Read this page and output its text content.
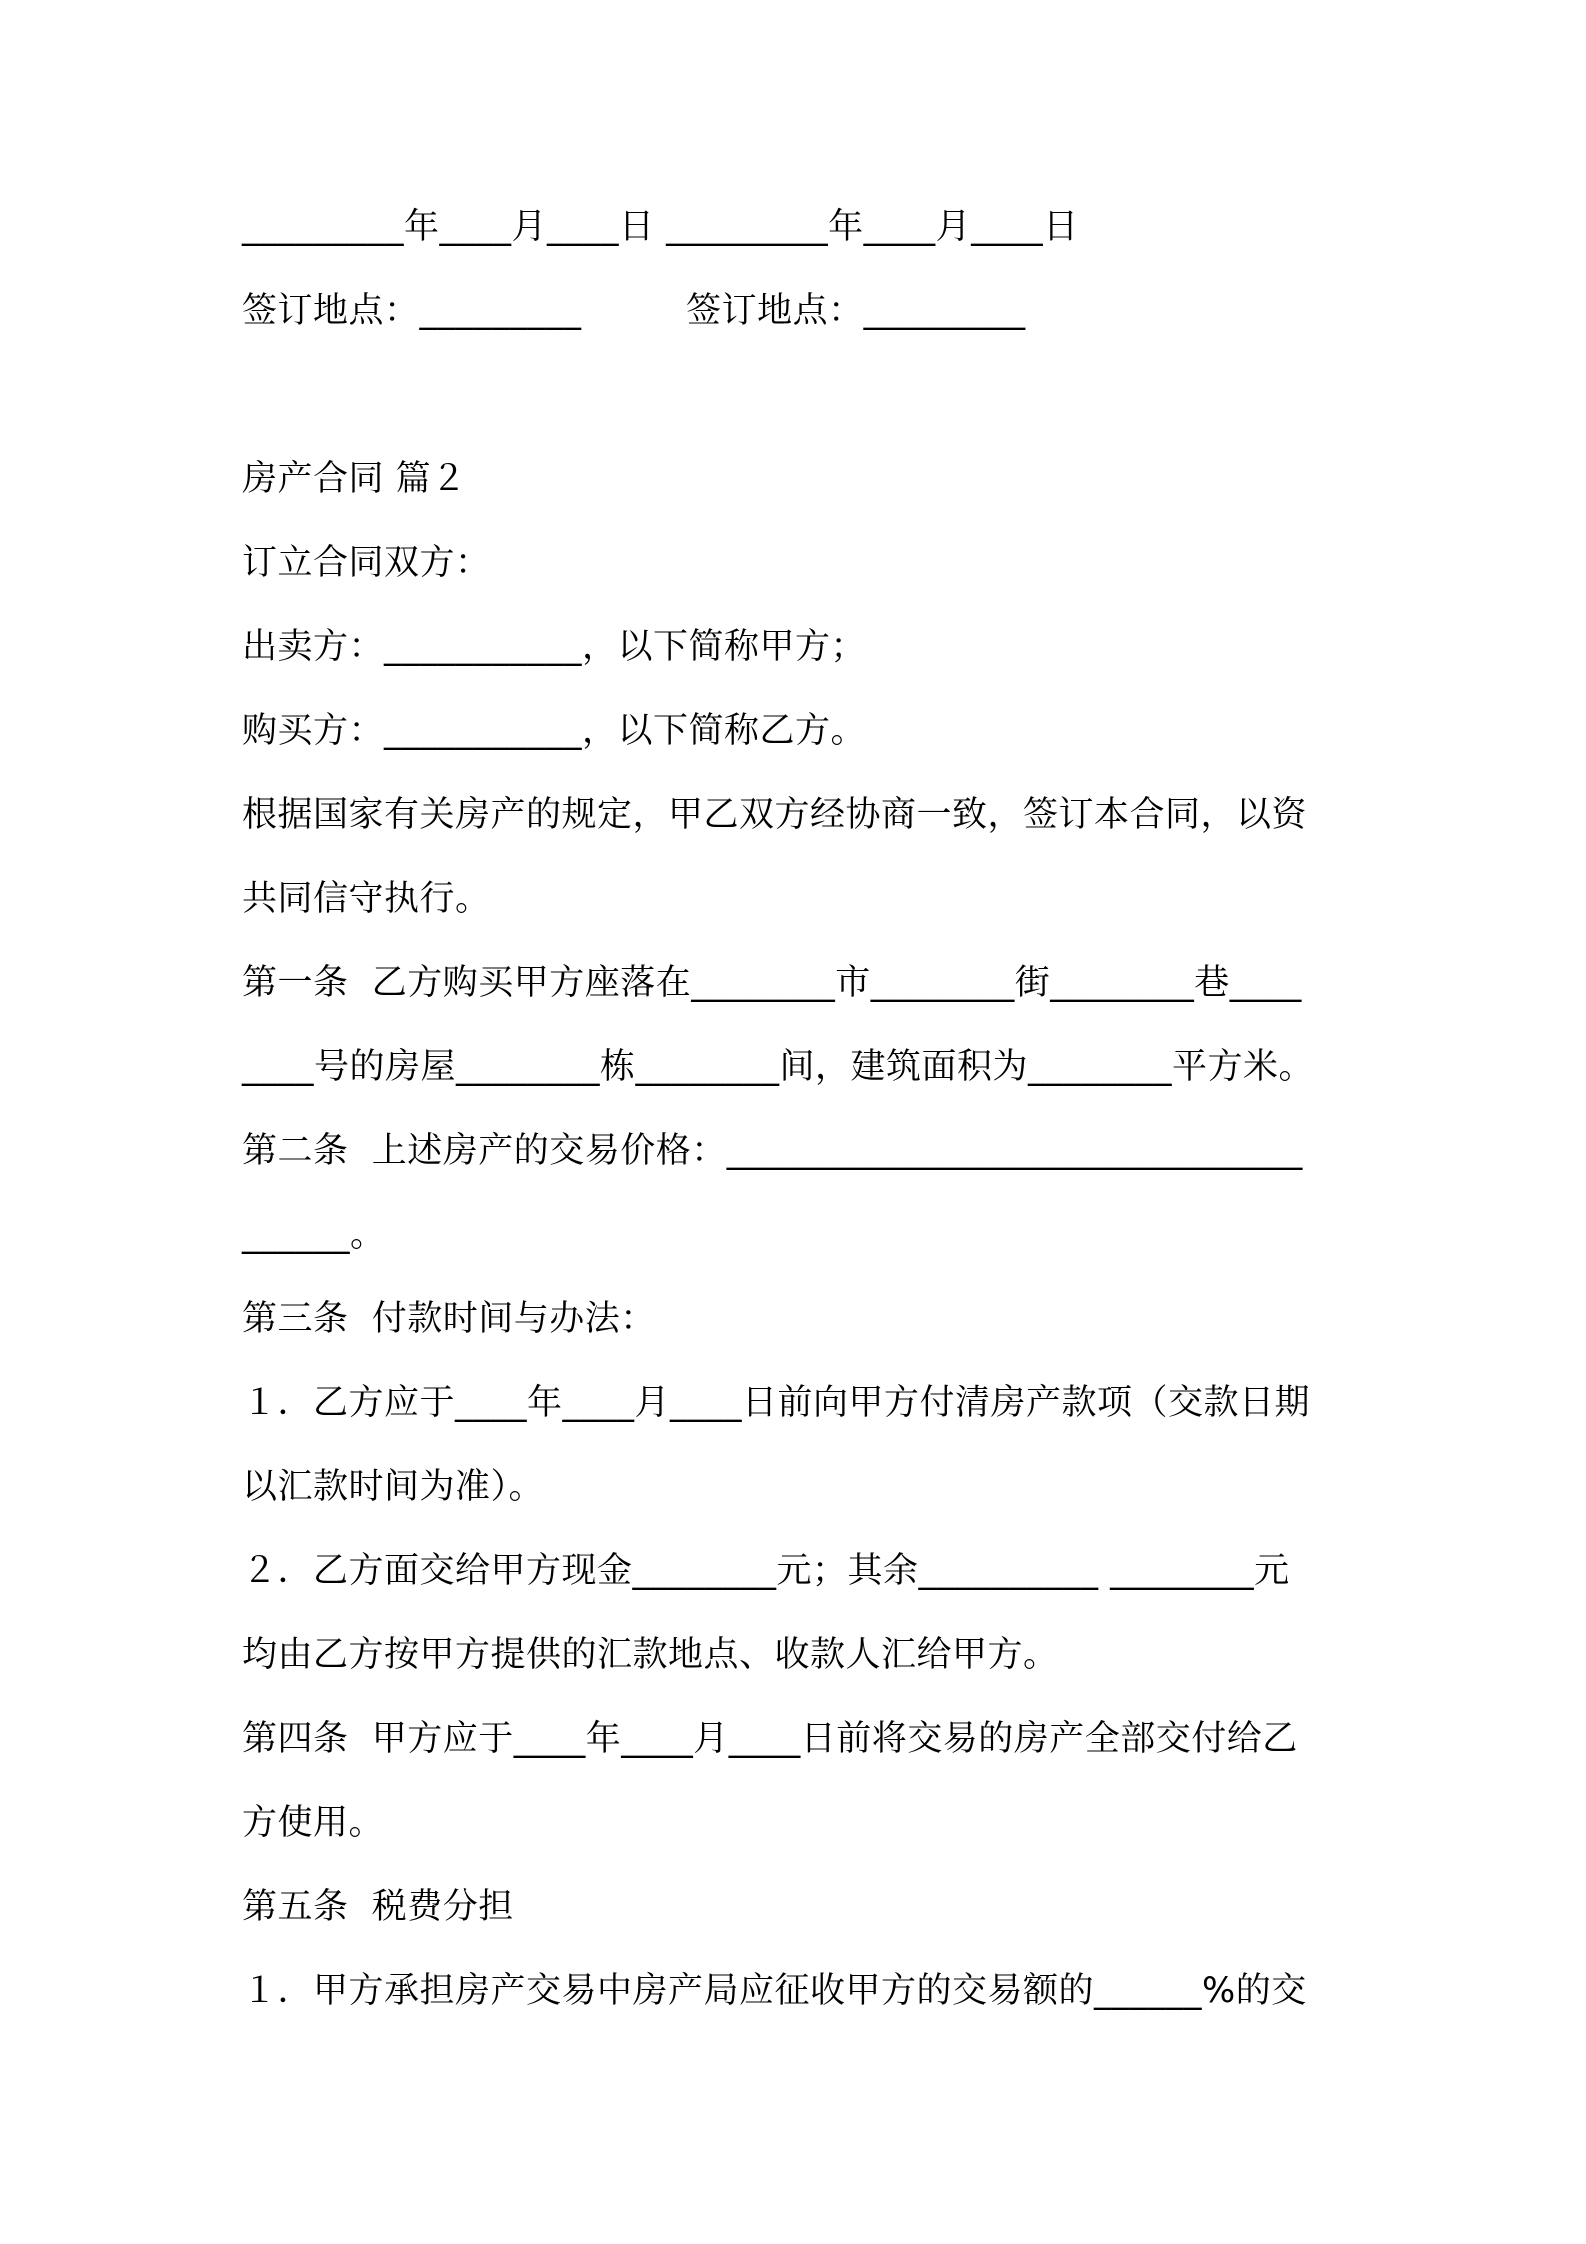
_________年____月____日 _________年____月____日
签订地点：_________         签订地点：_________
房产合同 篇２
订立合同双方：
出卖方：___________，以下简称甲方；
购买方：___________，以下简称乙方。
根据国家有关房产的规定，甲乙双方经协商一致，签订本合同，以资
共同信守执行。
第一条  乙方购买甲方座落在________市________街________巷____
____号的房屋________栋________间，建筑面积为________平方米。
第二条  上述房产的交易价格：________________________________
______。
第三条  付款时间与办法：
１．乙方应于____年____月____日前向甲方付清房产款项（交款日期
以汇款时间为准）。
２．乙方面交给甲方现金________元；其余__________ ________元
均由乙方按甲方提供的汇款地点、收款人汇给甲方。
第四条  甲方应于____年____月____日前将交易的房产全部交付给乙
方使用。
第五条  税费分担
１．甲方承担房产交易中房产局应征收甲方的交易额的______%的交
